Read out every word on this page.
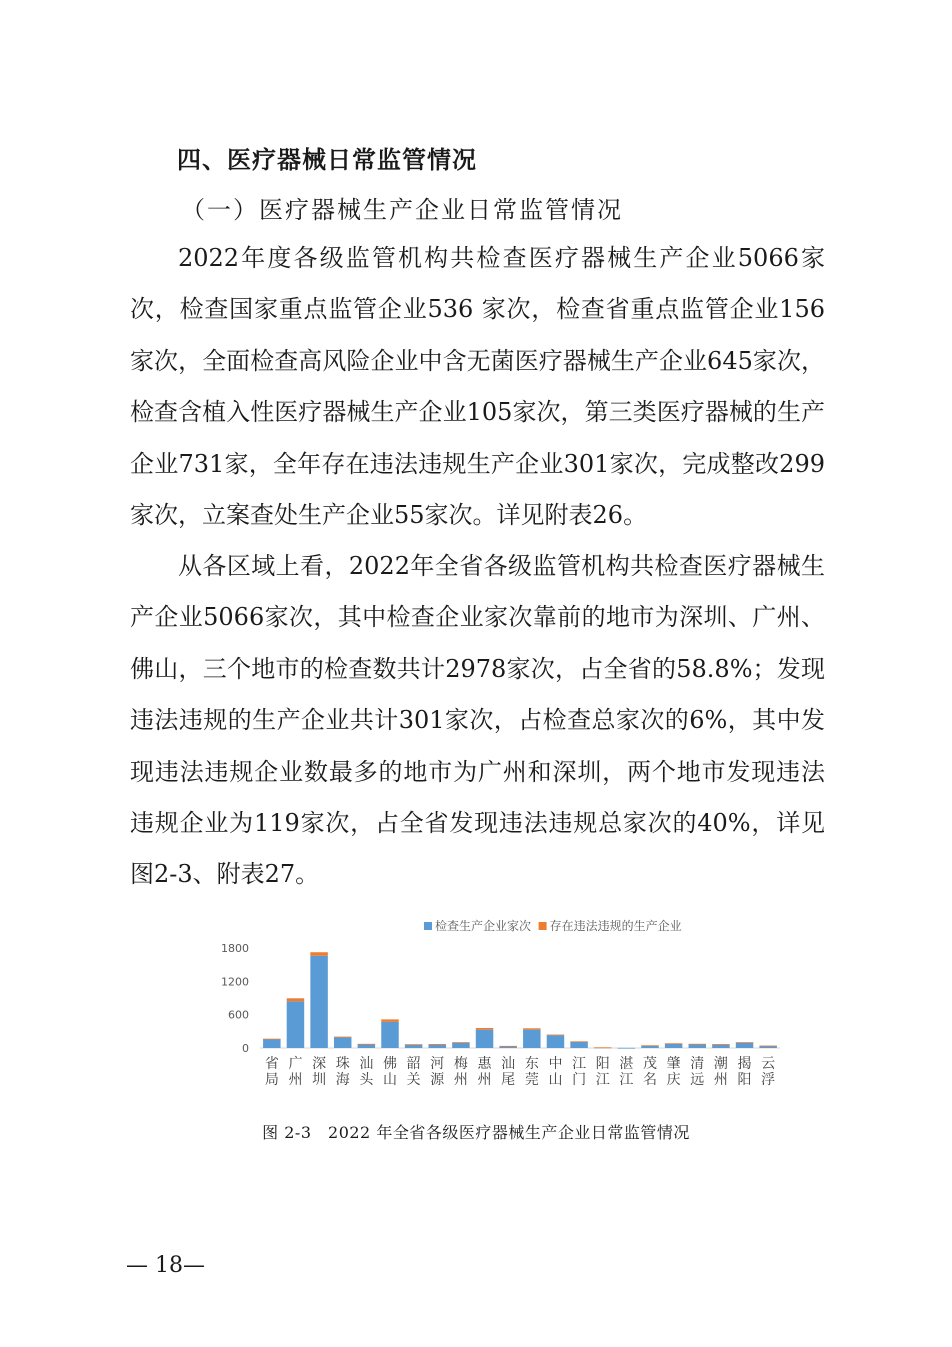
四、医疗器械日常监管情况
（一）医疗器械生产企业日常监管情况

2022年度各级监管机构共检查医疗器械生产企业5066家次，检查国家重点监管企业536 家次，检查省重点监管企业156家次，全面检查高风险企业中含无菌医疗器械生产企业645家次，检查含植入性医疗器械生产企业105家次，第三类医疗器械的生产企业731家，全年存在违法违规生产企业301家次，完成整改299家次，立案查处生产企业55家次。详见附表26。

从各区域上看，2022年全省各级监管机构共检查医疗器械生产企业5066家次，其中检查企业家次靠前的地市为深圳、广州、佛山，三个地市的检查数共计2978家次，占全省的58.8%；发现违法违规的生产企业共计301家次，占检查总家次的6%，其中发现违法违规企业数最多的地市为广州和深圳，两个地市发现违法违规企业为119家次，占全省发现违法违规总家次的40%，详见图2-3、附表27。

检查生产企业家次 存在违法违规的生产企业
0
600
1200
1800
省
局
广
州
深
圳
珠
海
汕
头
佛
山
韶
关
河
源
梅
州
惠
州
汕
尾
东
莞
中
山
江
门
阳
江
湛
江
茂
名
肇
庆
清
远
潮
州
揭
阳
云
浮
图 2-3　2022 年全省各级医疗器械生产企业日常监管情况
— 18—
